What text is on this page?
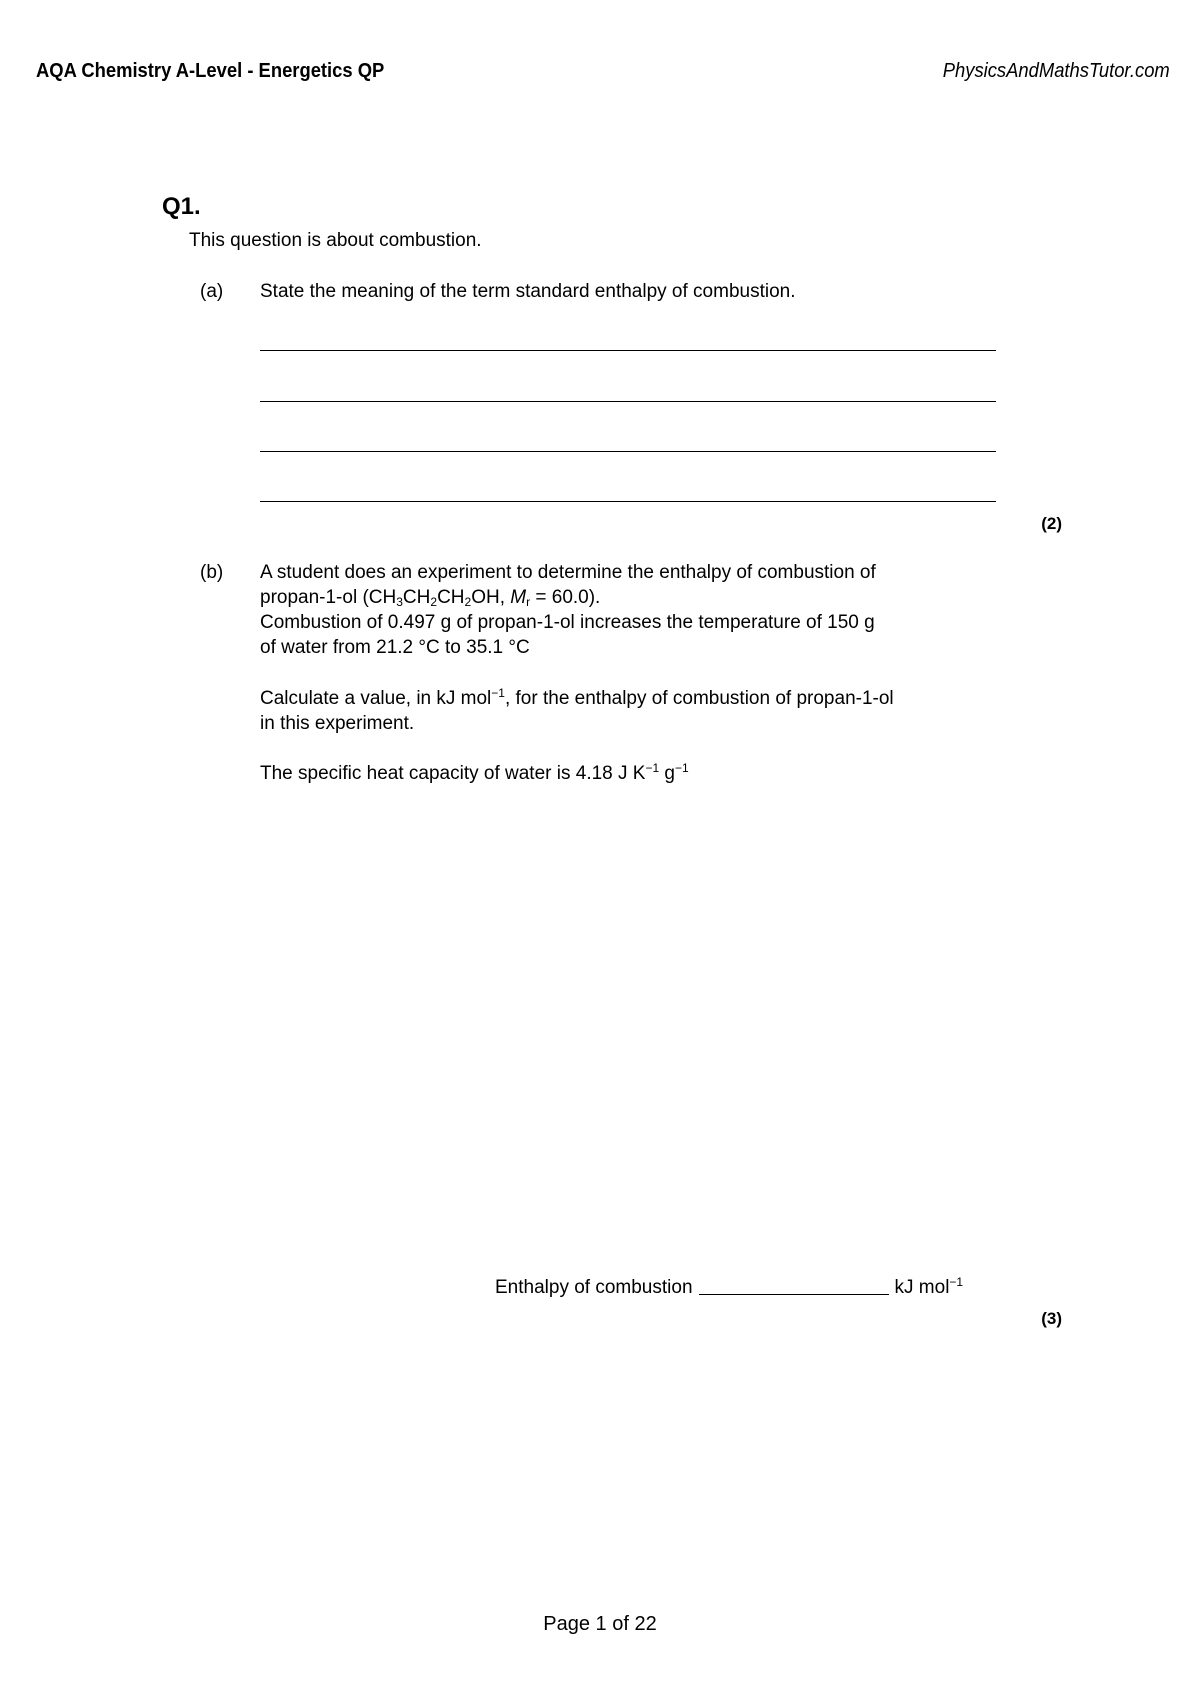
AQA Chemistry A-Level - Energetics QP	PhysicsAndMathsTutor.com
Q1.
This question is about combustion.
(a) State the meaning of the term standard enthalpy of combustion.
(2)
(b) A student does an experiment to determine the enthalpy of combustion of
propan-1-ol ($CH_3CH_2CH_2OH$, $M_r = 60.0$).
Combustion of 0.497 g of propan-1-ol increases the temperature of 150 g
of water from 21.2 °C to 35.1 °C
Calculate a value, in kJ mol$^{-1}$, for the enthalpy of combustion of propan-1-ol
in this experiment.
The specific heat capacity of water is 4.18 J $K^{-1}$ $g^{-1}$
Enthalpy of combustion	kJ mol$^{-1}$
(3)
Page 1 of 22
